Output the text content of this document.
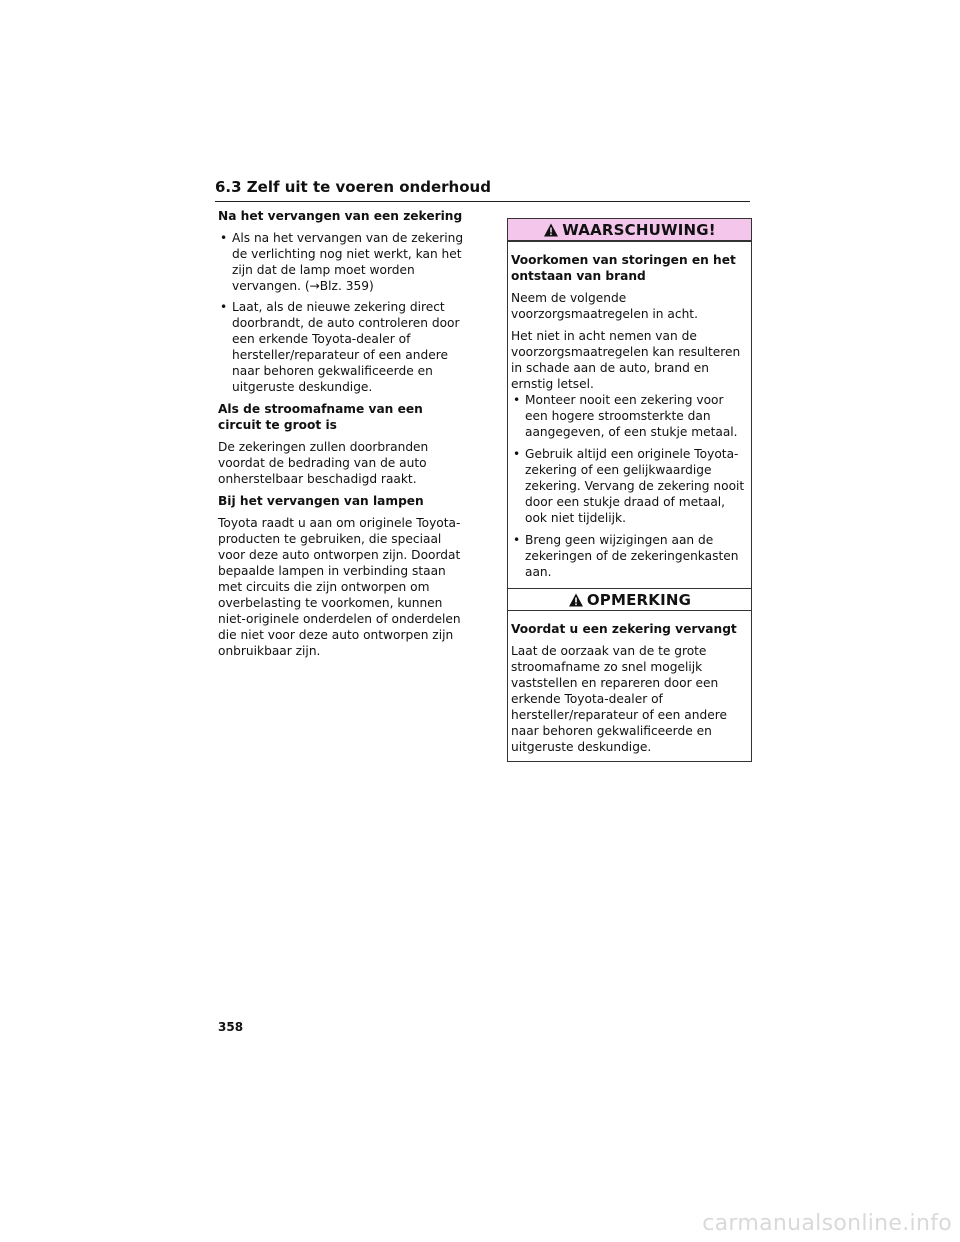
6.3 Zelf uit te voeren onderhoud
Na het vervangen van een zekering
• Als na het vervangen van de zekering de verlichting nog niet werkt, kan het zijn dat de lamp moet worden vervangen. (→Blz. 359)
• Laat, als de nieuwe zekering direct doorbrandt, de auto controleren door een erkende Toyota-dealer of hersteller/reparateur of een andere naar behoren gekwalificeerde en uitgeruste deskundige.
Als de stroomafname van een circuit te groot is

De zekeringen zullen doorbranden voordat de bedrading van de auto onherstelbaar beschadigd raakt.

Bij het vervangen van lampen

Toyota raadt u aan om originele Toyota-producten te gebruiken, die speciaal voor deze auto ontworpen zijn. Doordat bepaalde lampen in verbinding staan met circuits die zijn ontworpen om overbelasting te voorkomen, kunnen niet-originele onderdelen of onderdelen die niet voor deze auto ontworpen zijn onbruikbaar zijn.

WAARSCHUWING!
Voorkomen van storingen en het ontstaan van brand

Neem de volgende voorzorgsmaatregelen in acht.

Het niet in acht nemen van de voorzorgsmaatregelen kan resulteren in schade aan de auto, brand en ernstig letsel.

• Monteer nooit een zekering voor een hogere stroomsterkte dan aangegeven, of een stukje metaal.
• Gebruik altijd een originele Toyota-zekering of een gelijkwaardige zekering. Vervang de zekering nooit door een stukje draad of metaal, ook niet tijdelijk.
• Breng geen wijzigingen aan de zekeringen of de zekeringenkasten aan.
OPMERKING
Voordat u een zekering vervangt

Laat de oorzaak van de te grote stroomafname zo snel mogelijk vaststellen en repareren door een erkende Toyota-dealer of hersteller/reparateur of een andere naar behoren gekwalificeerde en uitgeruste deskundige.

358
carmanualsonline.info
